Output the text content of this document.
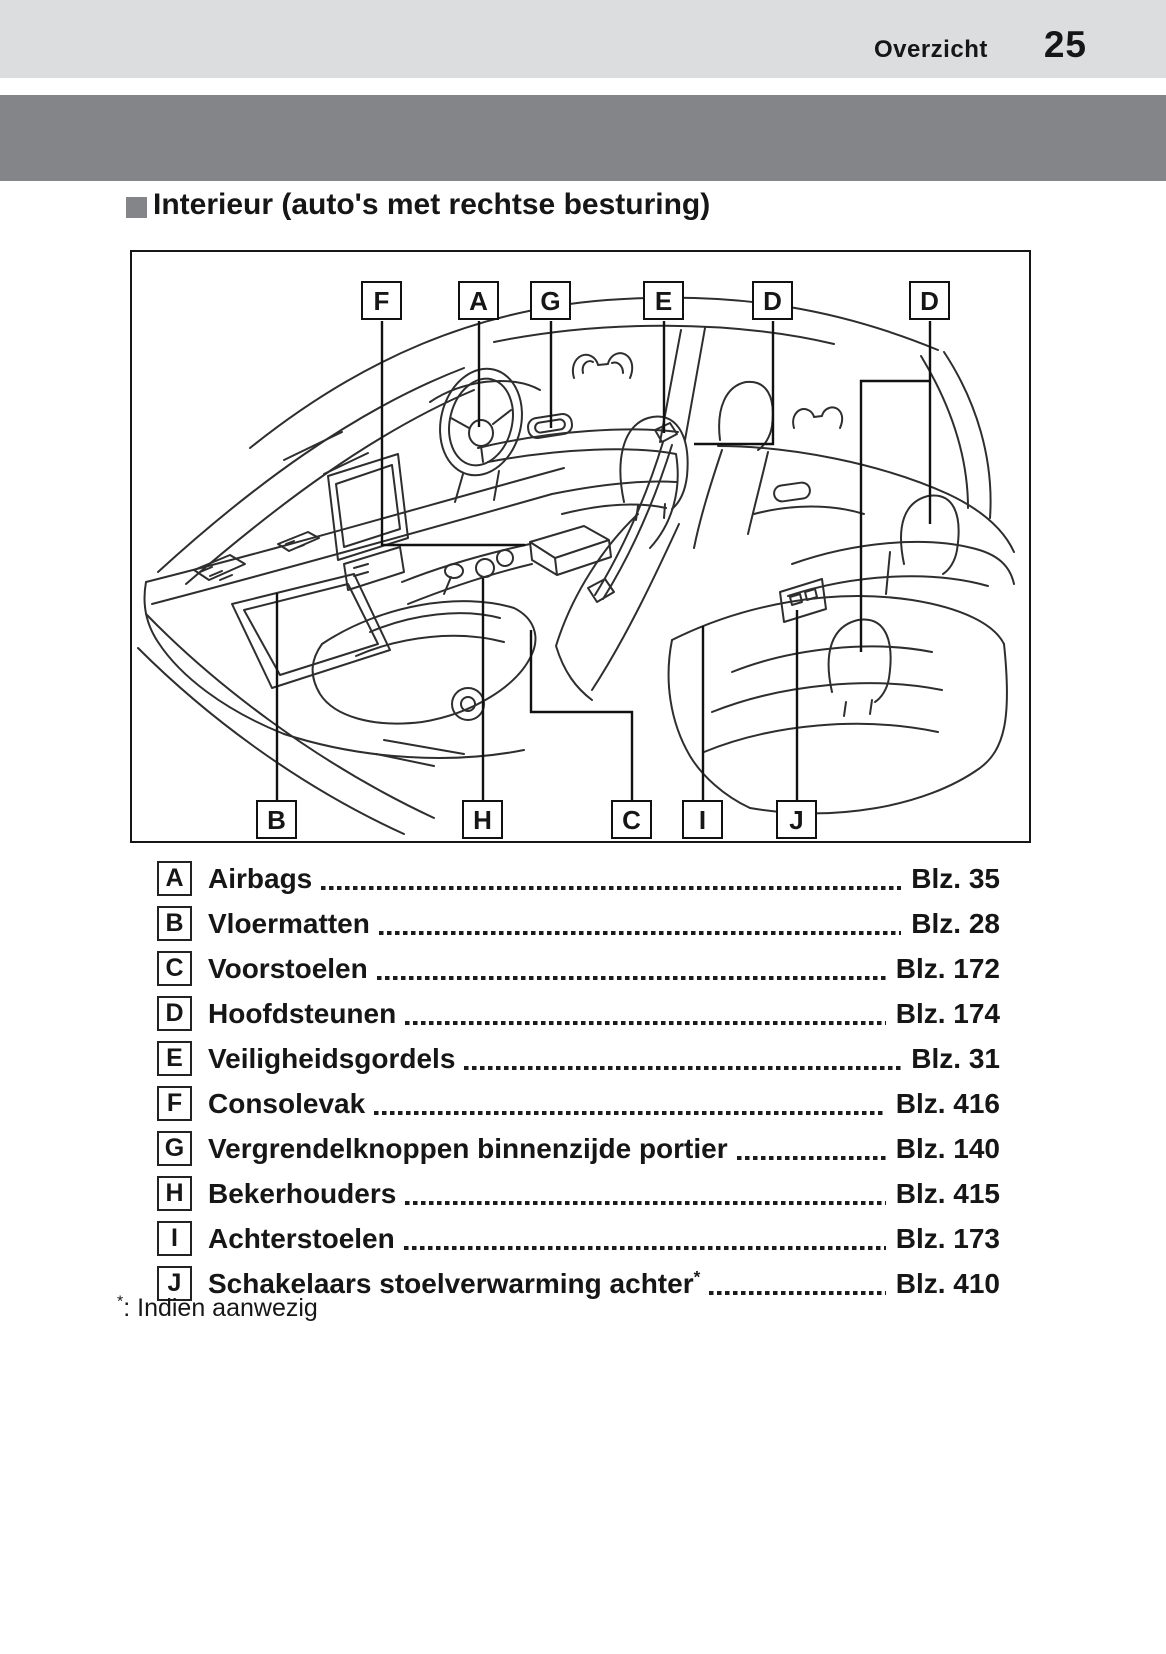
Overzicht 25
Interieur (auto's met rechtse besturing)
F	A G	E	D	D
B	H	C I	J
A Airbags	Blz. 35
B Vloermatten	Blz. 28
C Voorstoelen	Blz. 172
D Hoofdsteunen	Blz. 174
E Veiligheidsgordels	Blz. 31
F Consolevak	Blz. 416
G Vergrendelknoppen binnenzijde portier	Blz. 140
H Bekerhouders	Blz. 415
I Achterstoelen	Blz. 173
J Schakelaars stoelverwarming achter*	Blz. 410
*: Indien aanwezig
